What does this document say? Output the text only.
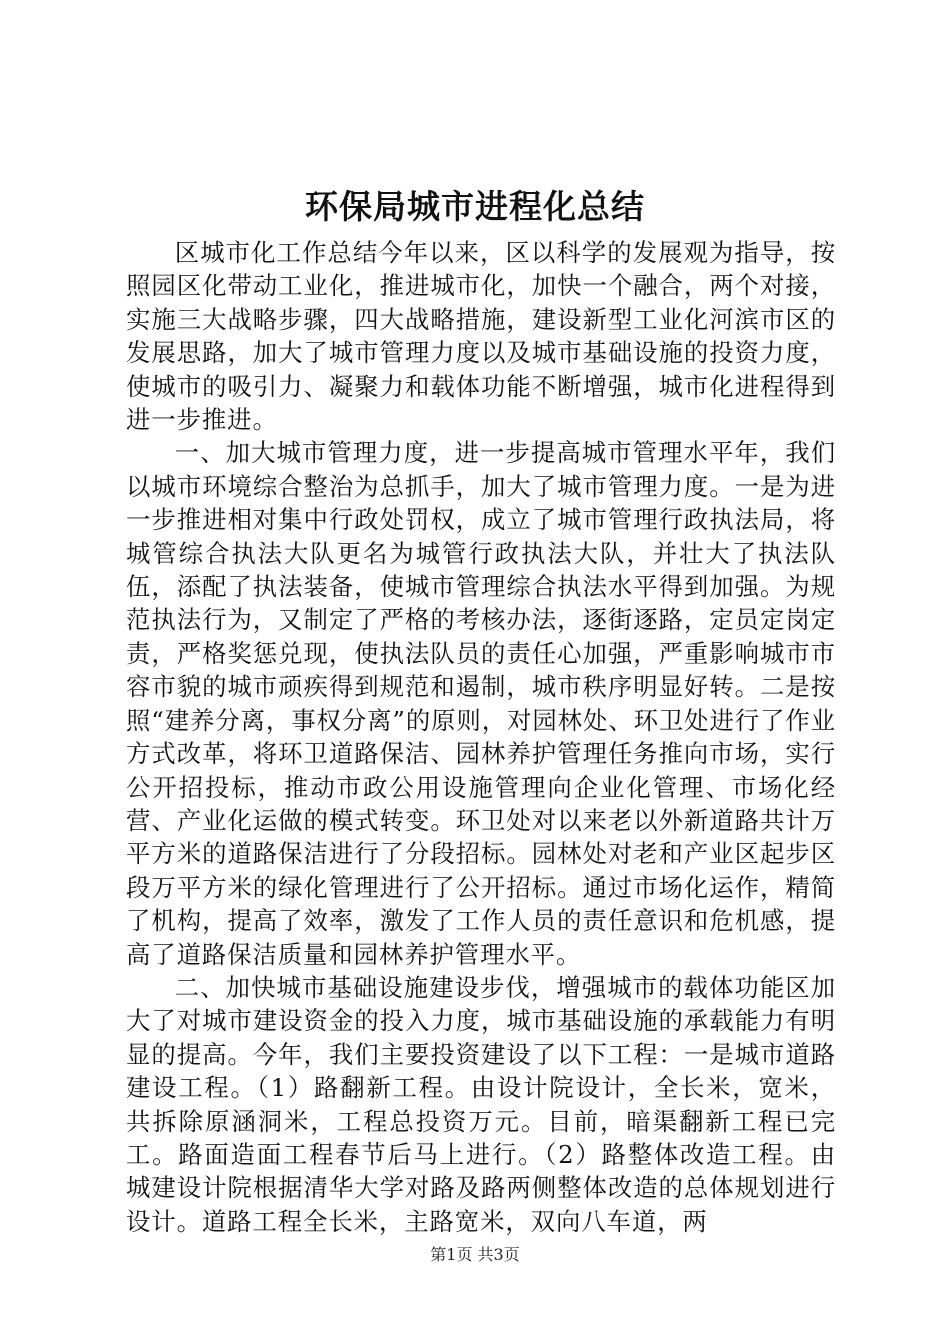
环保局城市进程化总结

区城市化工作总结今年以来，区以科学的发展观为指导，按照园区化带动工业化，推进城市化，加快一个融合，两个对接，实施三大战略步骤，四大战略措施，建设新型工业化河滨市区的发展思路，加大了城市管理力度以及城市基础设施的投资力度，使城市的吸引力、凝聚力和载体功能不断增强，城市化进程得到进一步推进。

一、加大城市管理力度，进一步提高城市管理水平年，我们以城市环境综合整治为总抓手，加大了城市管理力度。一是为进一步推进相对集中行政处罚权，成立了城市管理行政执法局，将城管综合执法大队更名为城管行政执法大队，并壮大了执法队伍，添配了执法装备，使城市管理综合执法水平得到加强。为规范执法行为，又制定了严格的考核办法，逐街逐路，定员定岗定责，严格奖惩兑现，使执法队员的责任心加强，严重影响城市市容市貌的城市顽疾得到规范和遏制，城市秩序明显好转。二是按照“建养分离，事权分离”的原则，对园林处、环卫处进行了作业方式改革，将环卫道路保洁、园林养护管理任务推向市场，实行公开招投标，推动市政公用设施管理向企业化管理、市场化经营、产业化运做的模式转变。环卫处对以来老以外新道路共计万平方米的道路保洁进行了分段招标。园林处对老和产业区起步区段万平方米的绿化管理进行了公开招标。通过市场化运作，精简了机构，提高了效率，激发了工作人员的责任意识和危机感，提高了道路保洁质量和园林养护管理水平。

二、加快城市基础设施建设步伐，增强城市的载体功能区加大了对城市建设资金的投入力度，城市基础设施的承载能力有明显的提高。今年，我们主要投资建设了以下工程：一是城市道路建设工程。（1）路翻新工程。由设计院设计，全长米，宽米，共拆除原涵洞米，工程总投资万元。目前，暗渠翻新工程已完工。路面造面工程春节后马上进行。（2）路整体改造工程。由城建设计院根据清华大学对路及路两侧整体改造的总体规划进行设计。道路工程全长米，主路宽米，双向八车道，两

第1页 共3页
